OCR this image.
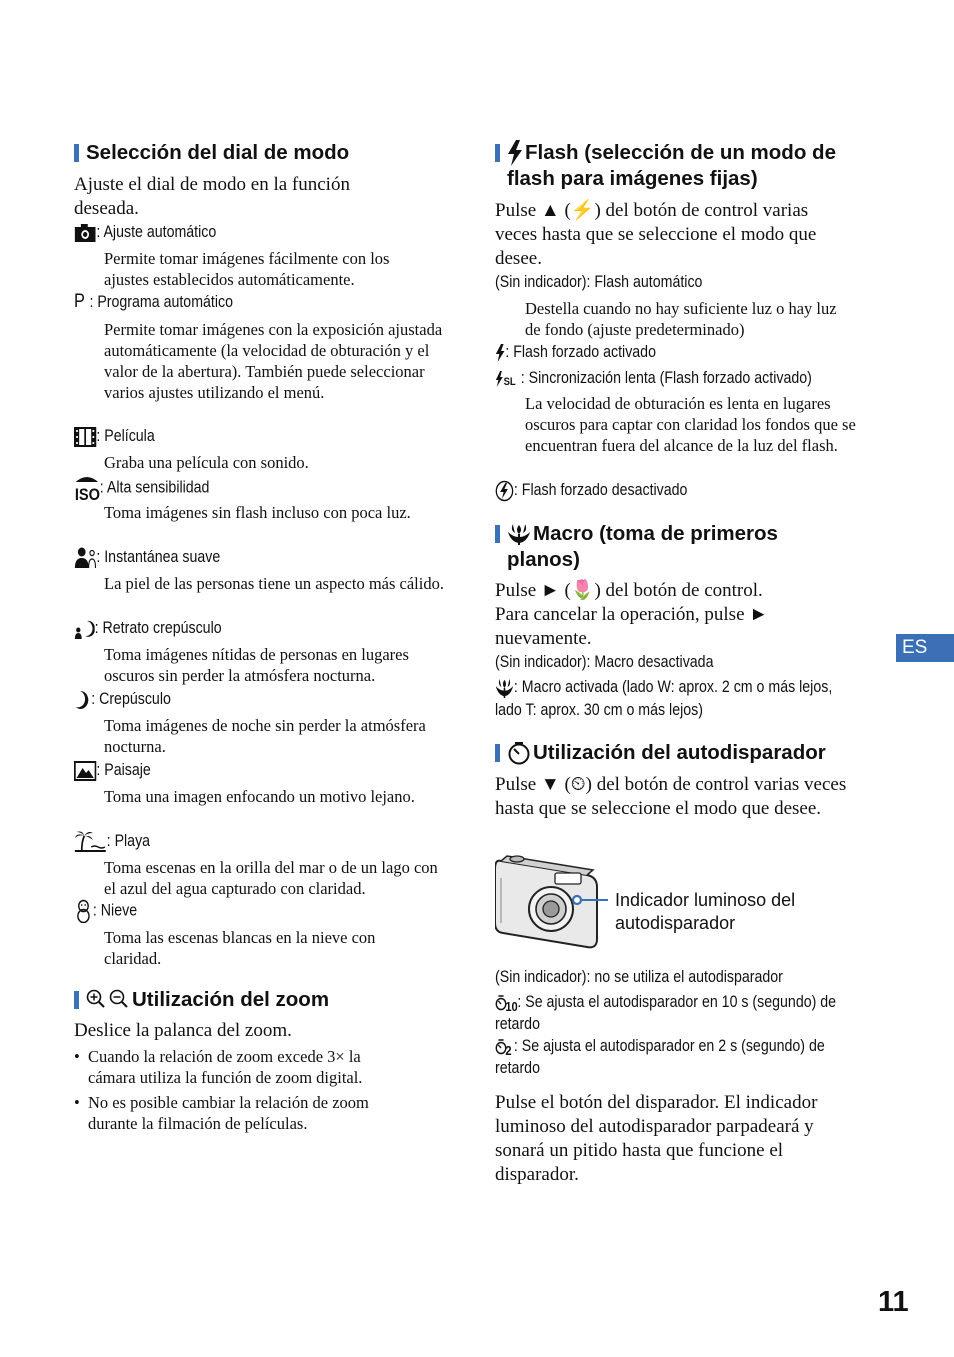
Selección del dial de modo
Ajuste el dial de modo en la función deseada.
: Ajuste automático
Permite tomar imágenes fácilmente con los ajustes establecidos automáticamente.
P : Programa automático
Permite tomar imágenes con la exposición ajustada automáticamente (la velocidad de obturación y el valor de la abertura). También puede seleccionar varios ajustes utilizando el menú.
: Película
Graba una película con sonido.
ISO : Alta sensibilidad
Toma imágenes sin flash incluso con poca luz.
: Instantánea suave
La piel de las personas tiene un aspecto más cálido.
: Retrato crepúsculo
Toma imágenes nítidas de personas en lugares oscuros sin perder la atmósfera nocturna.
: Crepúsculo
Toma imágenes de noche sin perder la atmósfera nocturna.
: Paisaje
Toma una imagen enfocando un motivo lejano.
: Playa
Toma escenas en la orilla del mar o de un lago con el azul del agua capturado con claridad.
: Nieve
Toma las escenas blancas en la nieve con claridad.
Utilización del zoom
Deslice la palanca del zoom.
• Cuando la relación de zoom excede 3× la cámara utiliza la función de zoom digital.
• No es posible cambiar la relación de zoom durante la filmación de películas.
Flash (selección de un modo de
flash para imágenes fijas)
Pulse ▲ (⚡) del botón de control varias veces hasta que se seleccione el modo que desee.
(Sin indicador): Flash automático
Destella cuando no hay suficiente luz o hay luz de fondo (ajuste predeterminado)
: Flash forzado activado
SL : Sincronización lenta (Flash forzado activado)
La velocidad de obturación es lenta en lugares oscuros para captar con claridad los fondos que se encuentran fuera del alcance de la luz del flash.
: Flash forzado desactivado
Macro (toma de primeros
planos)
Pulse ► (🌷) del botón de control. Para cancelar la operación, pulse ► nuevamente.
(Sin indicador): Macro desactivada
: Macro activada (lado W: aprox. 2 cm o más lejos, lado T: aprox. 30 cm o más lejos)
Utilización del autodisparador
Pulse ▼ (⏲) del botón de control varias veces hasta que se seleccione el modo que desee.
Indicador luminoso del autodisparador
(Sin indicador): no se utiliza el autodisparador
10 : Se ajusta el autodisparador en 10 s (segundo) de retardo
2 : Se ajusta el autodisparador en 2 s (segundo) de retardo
Pulse el botón del disparador. El indicador luminoso del autodisparador parpadeará y sonará un pitido hasta que funcione el disparador.
ES
11
